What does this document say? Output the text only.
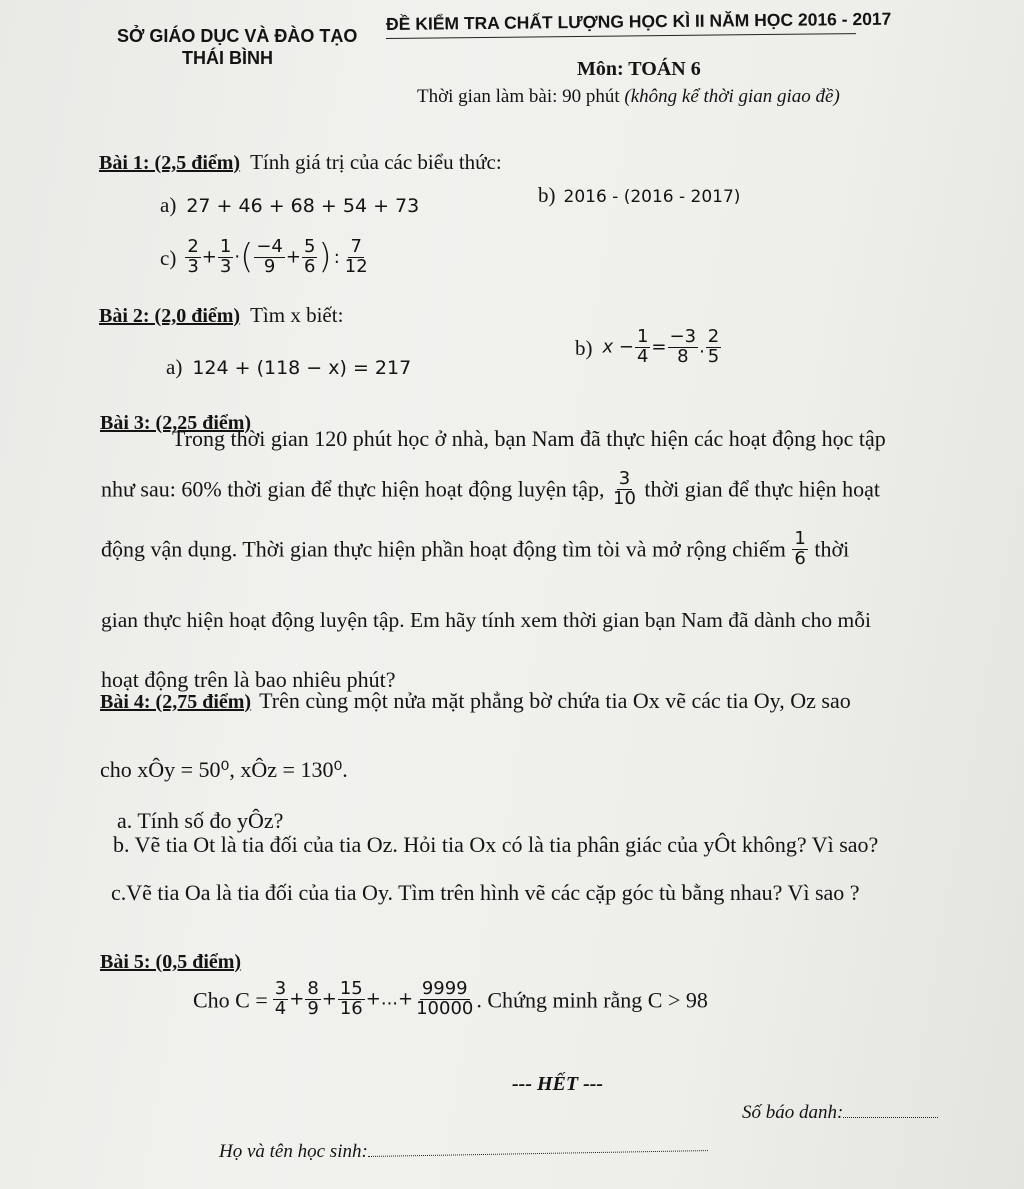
SỞ GIÁO DỤC VÀ ĐÀO TẠO
THÁI BÌNH
ĐỀ KIỂM TRA CHẤT LƯỢNG HỌC KÌ II NĂM HỌC 2016 - 2017
Môn: TOÁN 6
Thời gian làm bài: 90 phút (không kể thời gian giao đề)
Bài 1: (2,5 điểm) Tính giá trị của các biểu thức:
a) 27 + 46 + 68 + 54 + 73	b) 2016 - (2016 - 2017)
$c) \frac{2}{3} + \frac{1}{3}$ ·( $\frac{-4}{9} + \frac{5}{6}$ ) : $\frac{7}{12}$
Bài 2: (2,0 điểm) Tìm x biết:
a) 124 + (118 − x) = 217
b) $x - \frac{1}{4} = \frac{-3}{8}$ . $\frac{2}{5}$
Bài 3: (2,25 điểm)
Trong thời gian 120 phút học ở nhà, bạn Nam đã thực hiện các hoạt động học tập
như sau: 60% thời gian để thực hiện hoạt động luyện tập, $\frac{3}{10}$ thời gian để thực hiện hoạt
động vận dụng. Thời gian thực hiện phần hoạt động tìm tòi và mở rộng chiếm $\frac{1}{6}$ thời
gian thực hiện hoạt động luyện tập. Em hãy tính xem thời gian bạn Nam đã dành cho mỗi
hoạt động trên là bao nhiêu phút?
Bài 4: (2,75 điểm) Trên cùng một nửa mặt phẳng bờ chứa tia Ox vẽ các tia Oy, Oz sao
cho xÔy = 50⁰, xÔz = 130⁰.
a. Tính số đo yÔz?
b. Vẽ tia Ot là tia đối của tia Oz. Hỏi tia Ox có là tia phân giác của yÔt không? Vì sao?
c.Vẽ tia Oa là tia đối của tia Oy. Tìm trên hình vẽ các cặp góc tù bằng nhau? Vì sao ?
Bài 5: (0,5 điểm)
Cho $C = \frac{3}{4} + \frac{8}{9} + \frac{15}{16}$ +...+ $\frac{9999}{10000}$ . Chứng minh rằng C > 98
--- HẾT ---
Số báo danh:
Họ và tên học sinh:
